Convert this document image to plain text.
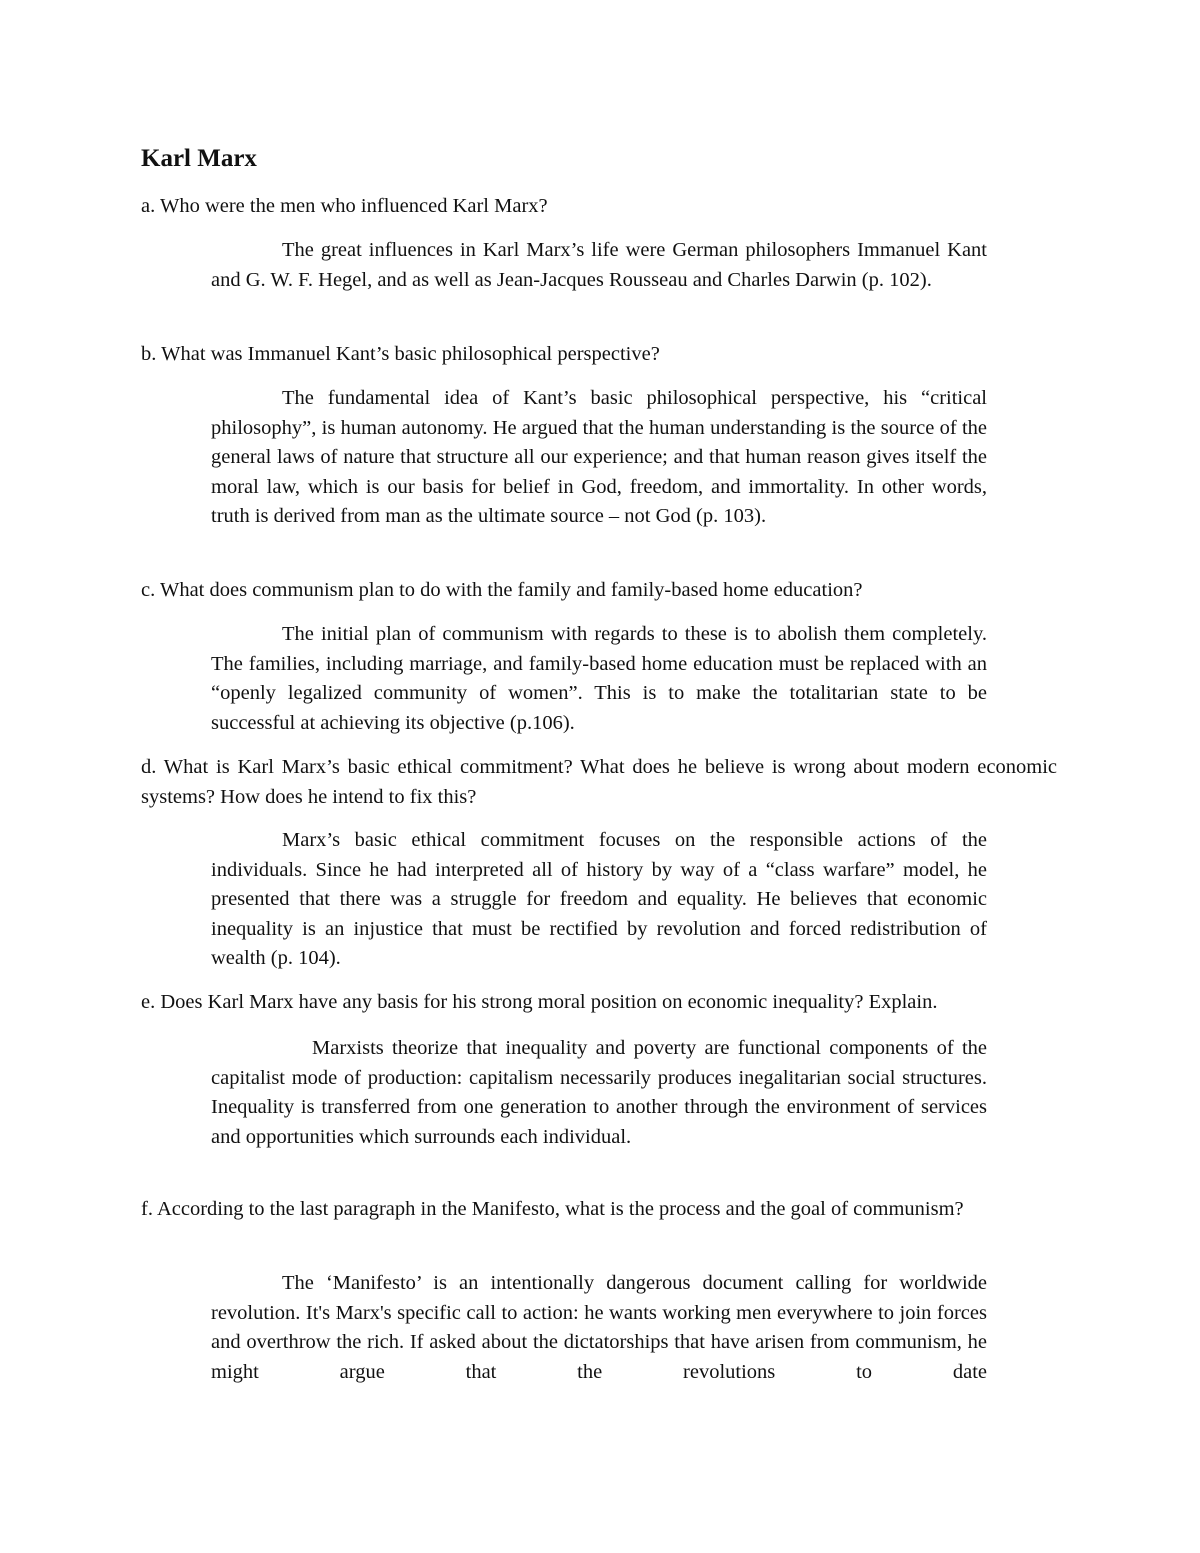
Karl Marx

a. Who were the men who influenced Karl Marx?

The great influences in Karl Marx’s life were German philosophers Immanuel Kant and G. W. F. Hegel, and as well as Jean-Jacques Rousseau and Charles Darwin (p. 102).

b. What was Immanuel Kant’s basic philosophical perspective?

The fundamental idea of Kant’s basic philosophical perspective, his “critical philosophy”, is human autonomy. He argued that the human understanding is the source of the general laws of nature that structure all our experience; and that human reason gives itself the moral law, which is our basis for belief in God, freedom, and immortality. In other words, truth is derived from man as the ultimate source – not God (p. 103).

c. What does communism plan to do with the family and family-based home education?

The initial plan of communism with regards to these is to abolish them completely. The families, including marriage, and family-based home education must be replaced with an “openly legalized community of women”. This is to make the totalitarian state to be successful at achieving its objective (p.106).

d. What is Karl Marx’s basic ethical commitment? What does he believe is wrong about modern economic systems? How does he intend to fix this?

Marx’s basic ethical commitment focuses on the responsible actions of the individuals. Since he had interpreted all of history by way of a “class warfare” model, he presented that there was a struggle for freedom and equality. He believes that economic inequality is an injustice that must be rectified by revolution and forced redistribution of wealth (p. 104).

e. Does Karl Marx have any basis for his strong moral position on economic inequality? Explain.

Marxists theorize that inequality and poverty are functional components of the capitalist mode of production: capitalism necessarily produces inegalitarian social structures. Inequality is transferred from one generation to another through the environment of services and opportunities which surrounds each individual.

f. According to the last paragraph in the Manifesto, what is the process and the goal of communism?

The ‘Manifesto’ is an intentionally dangerous document calling for worldwide revolution. It's Marx's specific call to action: he wants working men everywhere to join forces and overthrow the rich. If asked about the dictatorships that have arisen from communism, he might argue that the revolutions to date
